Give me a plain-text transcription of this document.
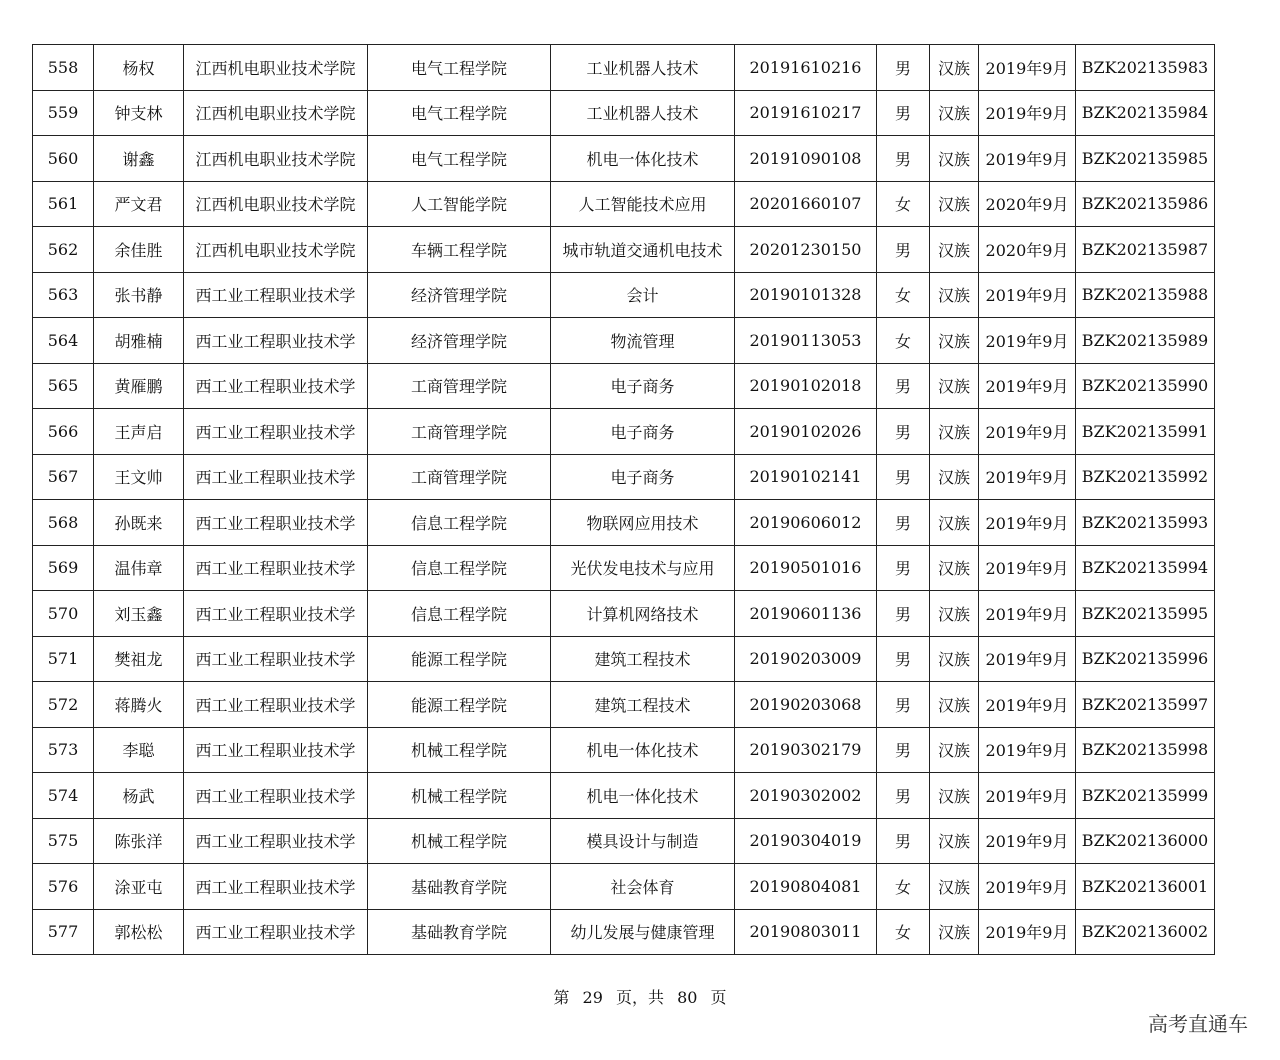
558	杨权	江西机电职业技术学院	电气工程学院	工业机器人技术	20191610216	男	汉族	2019年9月	BZK202135983
559	钟支林	江西机电职业技术学院	电气工程学院	工业机器人技术	20191610217	男	汉族	2019年9月	BZK202135984
560	谢鑫	江西机电职业技术学院	电气工程学院	机电一体化技术	20191090108	男	汉族	2019年9月	BZK202135985
561	严文君	江西机电职业技术学院	人工智能学院	人工智能技术应用	20201660107	女	汉族	2020年9月	BZK202135986
562	余佳胜	江西机电职业技术学院	车辆工程学院	城市轨道交通机电技术	20201230150	男	汉族	2020年9月	BZK202135987
563	张书静	西工业工程职业技术学	经济管理学院	会计	20190101328	女	汉族	2019年9月	BZK202135988
564	胡雅楠	西工业工程职业技术学	经济管理学院	物流管理	20190113053	女	汉族	2019年9月	BZK202135989
565	黄雁鹏	西工业工程职业技术学	工商管理学院	电子商务	20190102018	男	汉族	2019年9月	BZK202135990
566	王声启	西工业工程职业技术学	工商管理学院	电子商务	20190102026	男	汉族	2019年9月	BZK202135991
567	王文帅	西工业工程职业技术学	工商管理学院	电子商务	20190102141	男	汉族	2019年9月	BZK202135992
568	孙既来	西工业工程职业技术学	信息工程学院	物联网应用技术	20190606012	男	汉族	2019年9月	BZK202135993
569	温伟章	西工业工程职业技术学	信息工程学院	光伏发电技术与应用	20190501016	男	汉族	2019年9月	BZK202135994
570	刘玉鑫	西工业工程职业技术学	信息工程学院	计算机网络技术	20190601136	男	汉族	2019年9月	BZK202135995
571	樊祖龙	西工业工程职业技术学	能源工程学院	建筑工程技术	20190203009	男	汉族	2019年9月	BZK202135996
572	蒋腾火	西工业工程职业技术学	能源工程学院	建筑工程技术	20190203068	男	汉族	2019年9月	BZK202135997
573	李聪	西工业工程职业技术学	机械工程学院	机电一体化技术	20190302179	男	汉族	2019年9月	BZK202135998
574	杨武	西工业工程职业技术学	机械工程学院	机电一体化技术	20190302002	男	汉族	2019年9月	BZK202135999
575	陈张洋	西工业工程职业技术学	机械工程学院	模具设计与制造	20190304019	男	汉族	2019年9月	BZK202136000
576	涂亚屯	西工业工程职业技术学	基础教育学院	社会体育	20190804081	女	汉族	2019年9月	BZK202136001
577	郭松松	西工业工程职业技术学	基础教育学院	幼儿发展与健康管理	20190803011	女	汉族	2019年9月	BZK202136002
第 29 页，共 80 页
高考直通车
